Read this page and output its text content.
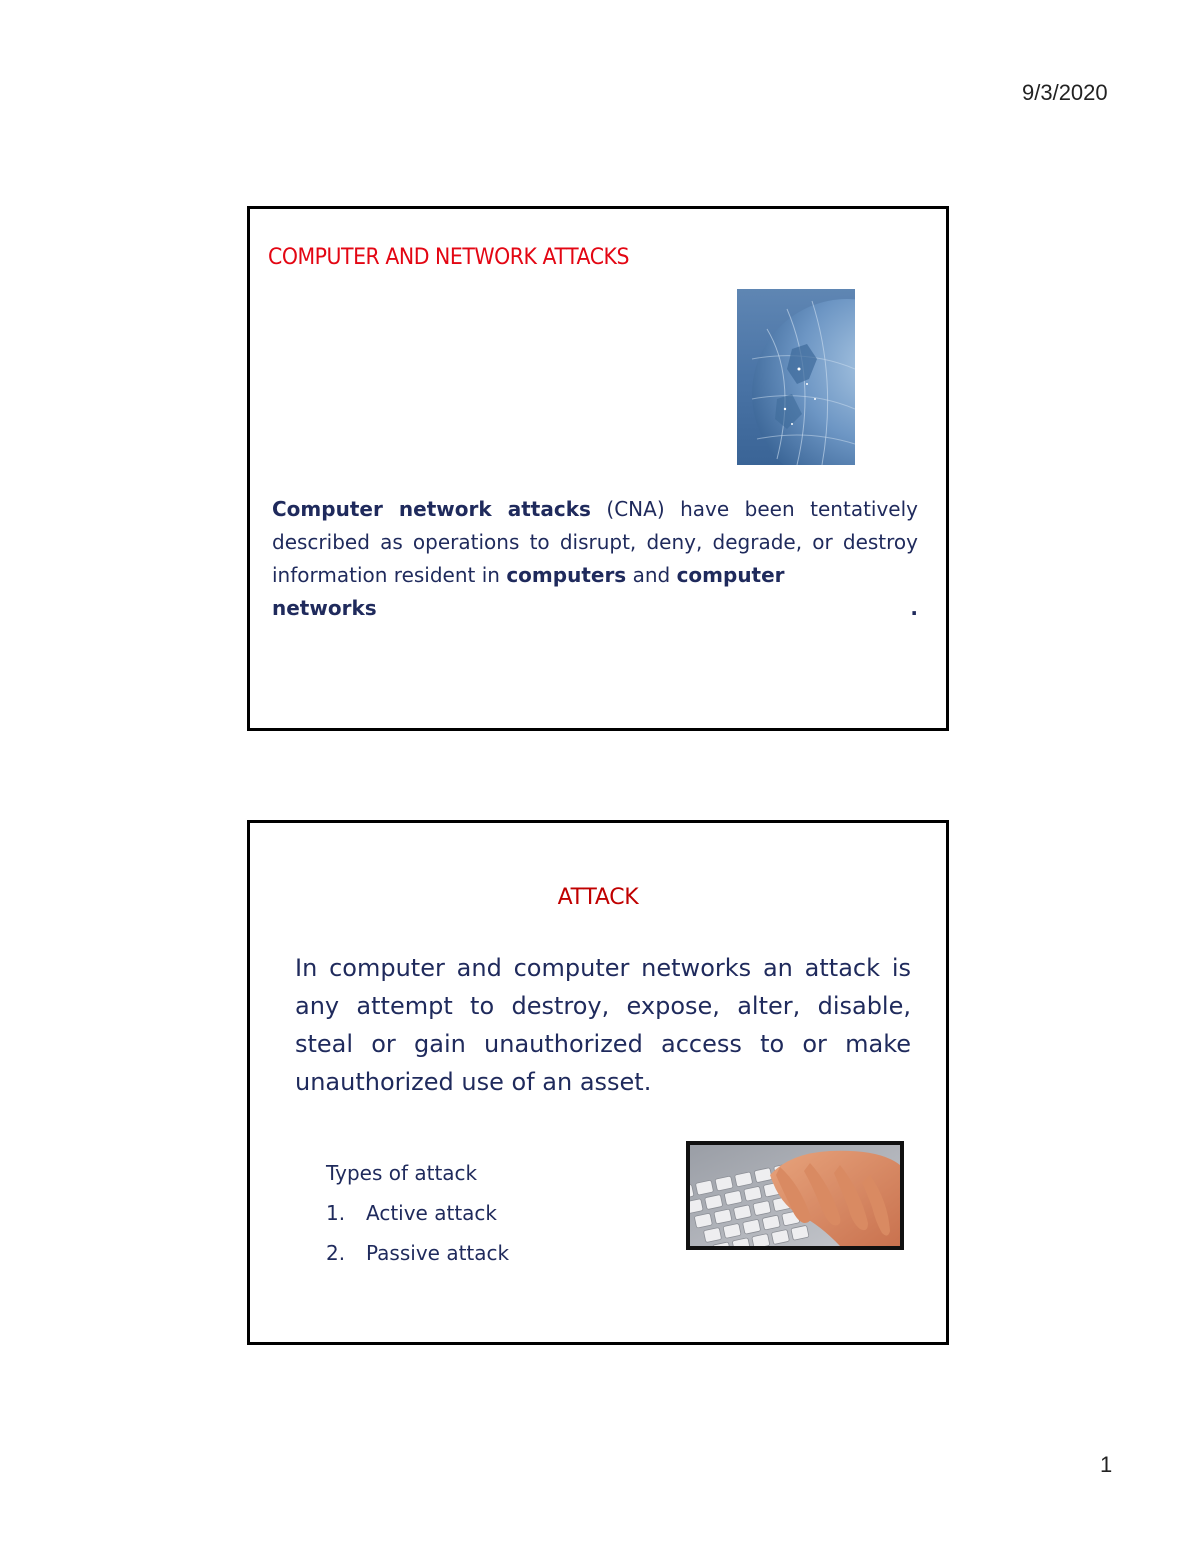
9/3/2020
COMPUTER AND NETWORK ATTACKS
Computer network attacks (CNA) have been tentatively described as operations to disrupt, deny, degrade, or destroy information resident in computers and computer
networks	.
ATTACK
In computer and computer networks an attack is any attempt to destroy, expose, alter, disable, steal or gain unauthorized access to or make unauthorized use of an asset.
Types of attack
1. Active attack
2. Passive attack
1
